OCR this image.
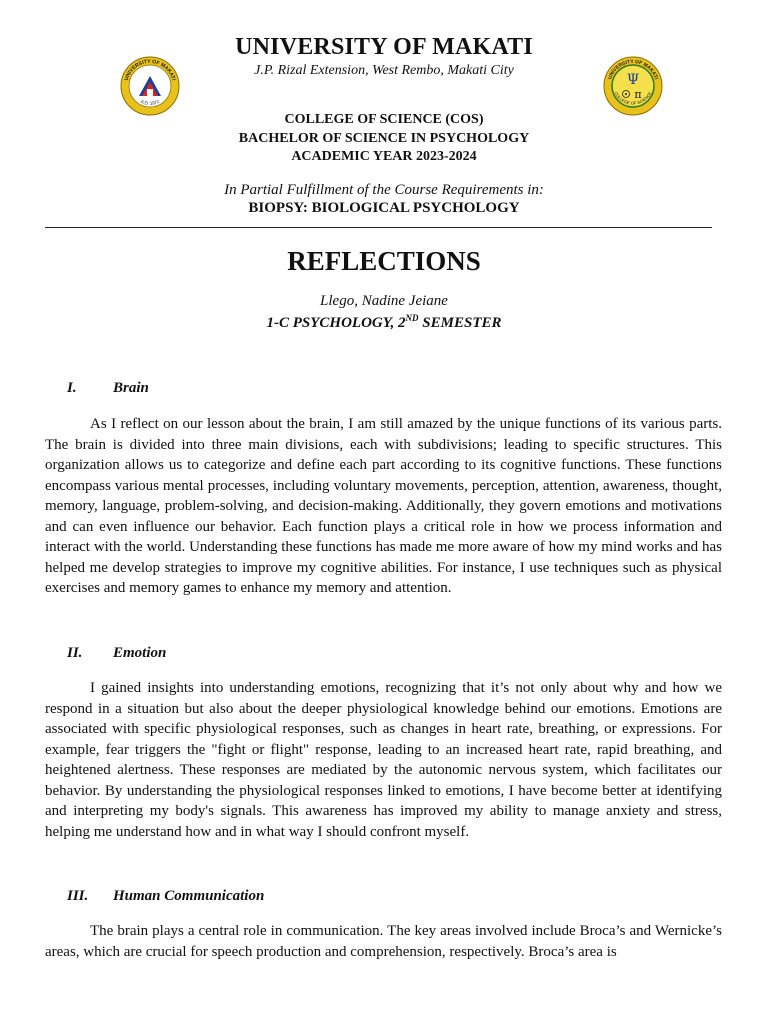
UNIVERSITY OF MAKATI
A.D. 1972
UNIVERSITY OF MAKATI
COLLEGE OF SCIENCE
Ψ
π
UNIVERSITY OF MAKATI
J.P. Rizal Extension, West Rembo, Makati City
COLLEGE OF SCIENCE (COS)
BACHELOR OF SCIENCE IN PSYCHOLOGY
ACADEMIC YEAR 2023-2024
In Partial Fulfillment of the Course Requirements in:
BIOPSY: BIOLOGICAL PSYCHOLOGY
REFLECTIONS
Llego, Nadine Jeiane
1-C PSYCHOLOGY, 2ND SEMESTER
I. Brain

As I reflect on our lesson about the brain, I am still amazed by the unique functions of its various parts. The brain is divided into three main divisions, each with subdivisions; leading to specific structures. This organization allows us to categorize and define each part according to its cognitive functions. These functions encompass various mental processes, including voluntary movements, perception, attention, awareness, thought, memory, language, problem-solving, and decision-making. Additionally, they govern emotions and motivations and can even influence our behavior. Each function plays a critical role in how we process information and interact with the world. Understanding these functions has made me more aware of how my mind works and has helped me develop strategies to improve my cognitive abilities. For instance, I use techniques such as physical exercises and memory games to enhance my memory and attention.

II. Emotion

I gained insights into understanding emotions, recognizing that it’s not only about why and how we respond in a situation but also about the deeper physiological knowledge behind our emotions. Emotions are associated with specific physiological responses, such as changes in heart rate, breathing, or expressions. For example, fear triggers the "fight or flight" response, leading to an increased heart rate, rapid breathing, and heightened alertness. These responses are mediated by the autonomic nervous system, which facilitates our behavior. By understanding the physiological responses linked to emotions, I have become better at identifying and interpreting my body's signals. This awareness has improved my ability to manage anxiety and stress, helping me understand how and in what way I should confront myself.

III. Human Communication

The brain plays a central role in communication. The key areas involved include Broca’s and Wernicke’s areas, which are crucial for speech production and comprehension, respectively. Broca’s area is
